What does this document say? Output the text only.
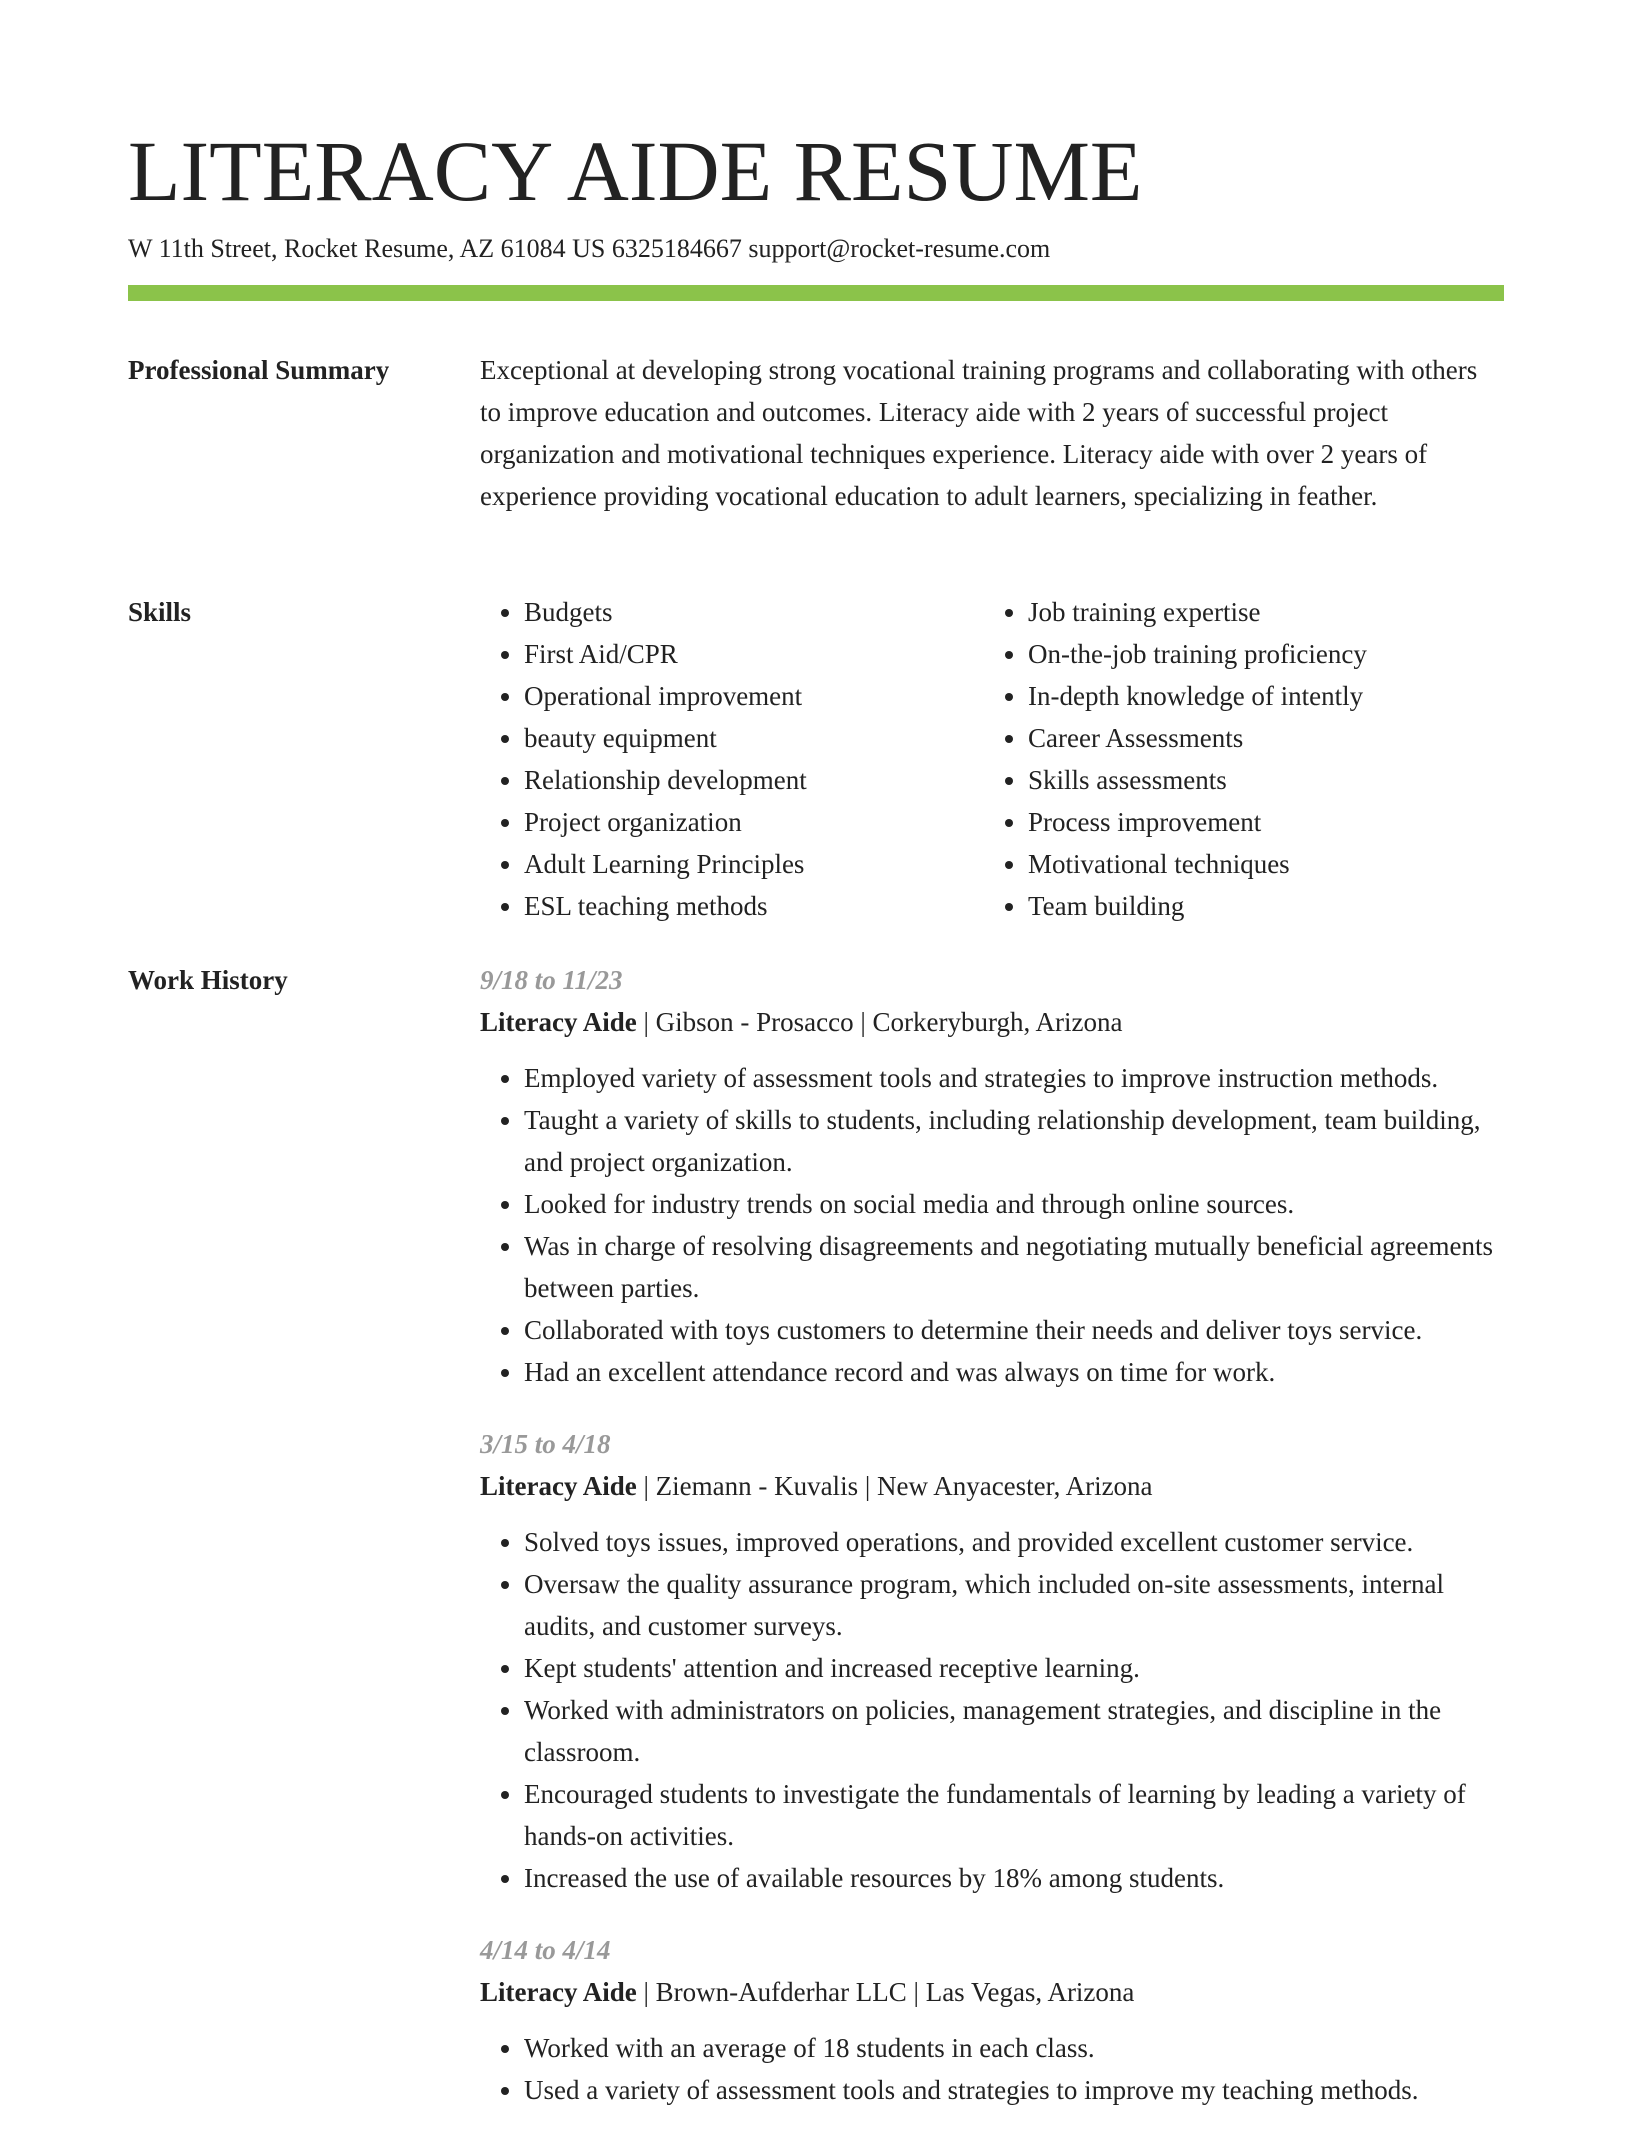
LITERACY AIDE RESUME
W 11th Street, Rocket Resume, AZ 61084 US 6325184667 support@rocket-resume.com
Professional Summary	Exceptional at developing strong vocational training programs and collaborating with others to improve education and outcomes. Literacy aide with 2 years of successful project organization and motivational techniques experience. Literacy aide with over 2 years of experience providing vocational education to adult learners, specializing in feather.

Skills
•	Budgets
• First Aid/CPR
• Operational improvement
• beauty equipment
• Relationship development
• Project organization
• Adult Learning Principles
• ESL teaching methods
• Job training expertise
• On-the-job training proficiency
• In-depth knowledge of intently
• Career Assessments
• Skills assessments
• Process improvement
• Motivational techniques
• Team building
Work History	9/18 to 11/23
Literacy Aide | Gibson - Prosacco | Corkeryburgh, Arizona
• Employed variety of assessment tools and strategies to improve instruction methods.
• Taught a variety of skills to students, including relationship development, team building, and project organization.
• Looked for industry trends on social media and through online sources.
• Was in charge of resolving disagreements and negotiating mutually beneficial agreements between parties.
• Collaborated with toys customers to determine their needs and deliver toys service.
• Had an excellent attendance record and was always on time for work.
3/15 to 4/18
Literacy Aide | Ziemann - Kuvalis | New Anyacester, Arizona
• Solved toys issues, improved operations, and provided excellent customer service.
• Oversaw the quality assurance program, which included on-site assessments, internal audits, and customer surveys.
• Kept students' attention and increased receptive learning.
• Worked with administrators on policies, management strategies, and discipline in the classroom.
• Encouraged students to investigate the fundamentals of learning by leading a variety of hands-on activities.
• Increased the use of available resources by 18% among students.
4/14 to 4/14
Literacy Aide | Brown-Aufderhar LLC | Las Vegas, Arizona
• Worked with an average of 18 students in each class.
• Used a variety of assessment tools and strategies to improve my teaching methods.
